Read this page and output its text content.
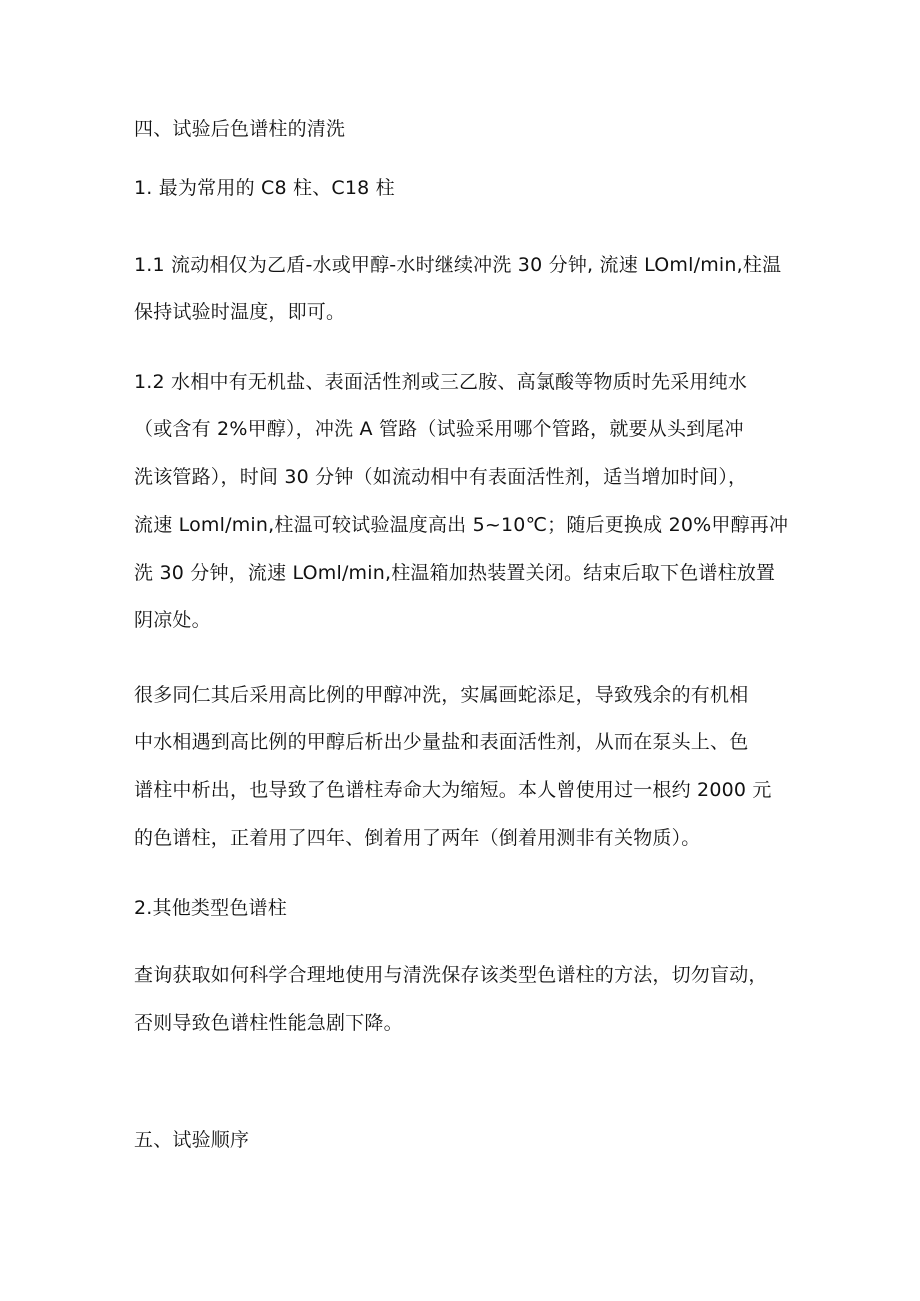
四、试验后色谱柱的清洗
1. 最为常用的 C8 柱、C18 柱
1.1 流动相仅为乙盾-水或甲醇-水时继续冲洗 30 分钟, 流速 LOml/min,柱温
保持试验时温度，即可。
1.2 水相中有无机盐、表面活性剂或三乙胺、高氯酸等物质时先采用纯水
（或含有 2%甲醇），冲洗 A 管路（试验采用哪个管路，就要从头到尾冲
洗该管路），时间 30 分钟（如流动相中有表面活性剂，适当增加时间），
流速 Loml/min,柱温可较试验温度高出 5~10℃；随后更换成 20%甲醇再冲
洗 30 分钟，流速 LOml/min,柱温箱加热装置关闭。结束后取下色谱柱放置
阴凉处。
很多同仁其后采用高比例的甲醇冲洗，实属画蛇添足，导致残余的有机相
中水相遇到高比例的甲醇后析出少量盐和表面活性剂，从而在泵头上、色
谱柱中析出，也导致了色谱柱寿命大为缩短。本人曾使用过一根约 2000 元
的色谱柱，正着用了四年、倒着用了两年（倒着用测非有关物质）。
2.其他类型色谱柱
查询获取如何科学合理地使用与清洗保存该类型色谱柱的方法，切勿盲动，
否则导致色谱柱性能急剧下降。
五、试验顺序
